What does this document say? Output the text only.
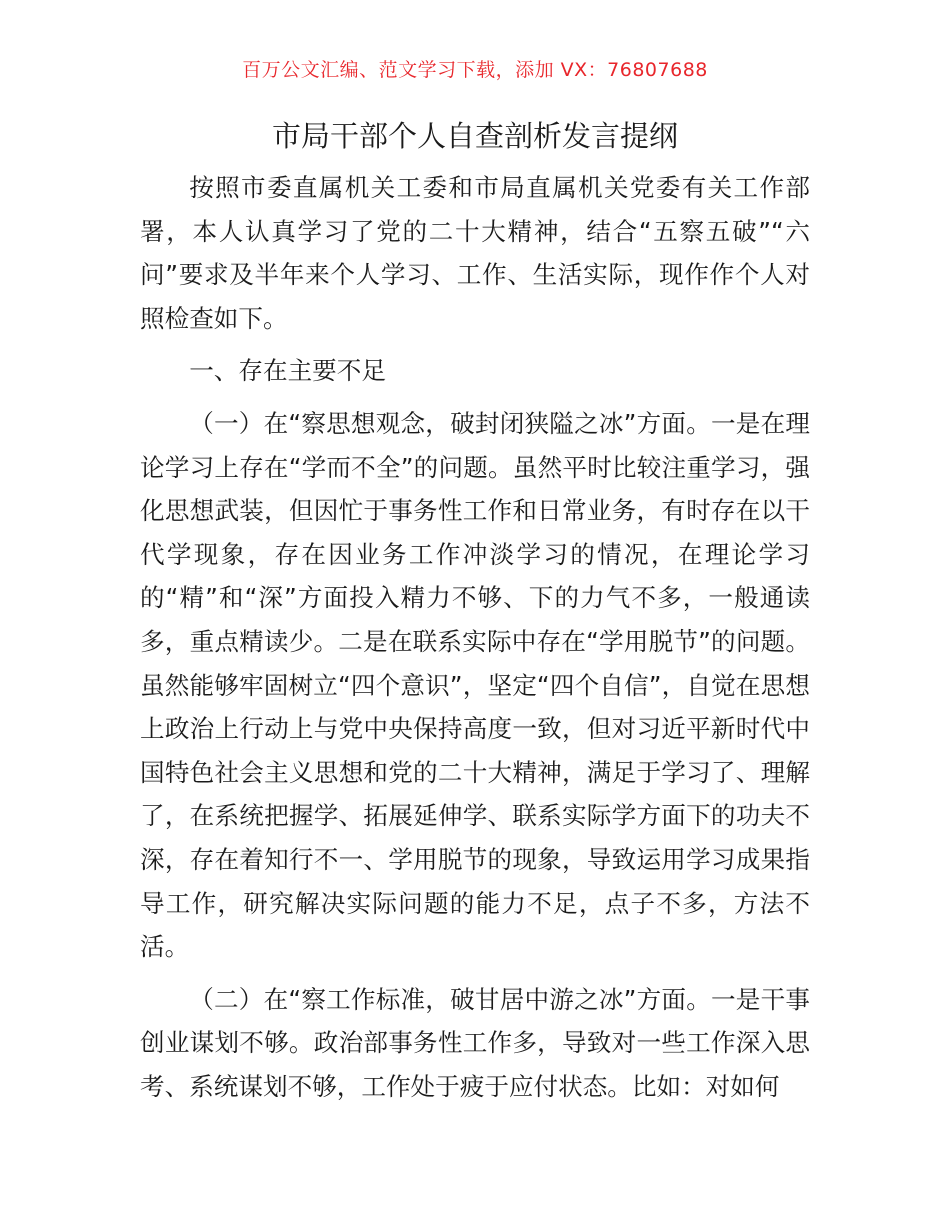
百万公文汇编、范文学习下载，添加 VX：76807688
市局干部个人自查剖析发言提纲

按照市委直属机关工委和市局直属机关党委有关工作部署，本人认真学习了党的二十大精神，结合“五察五破”“六问”要求及半年来个人学习、工作、生活实际，现作作个人对照检查如下。

一、存在主要不足

（一）在“察思想观念，破封闭狭隘之冰”方面。一是在理论学习上存在“学而不全”的问题。虽然平时比较注重学习，强化思想武装，但因忙于事务性工作和日常业务，有时存在以干代学现象，存在因业务工作冲淡学习的情况，在理论学习的“精”和“深”方面投入精力不够、下的力气不多，一般通读多，重点精读少。二是在联系实际中存在“学用脱节”的问题。虽然能够牢固树立“四个意识”，坚定“四个自信”，自觉在思想上政治上行动上与党中央保持高度一致，但对习近平新时代中国特色社会主义思想和党的二十大精神，满足于学习了、理解了，在系统把握学、拓展延伸学、联系实际学方面下的功夫不深，存在着知行不一、学用脱节的现象，导致运用学习成果指导工作，研究解决实际问题的能力不足，点子不多，方法不活。

（二）在“察工作标准，破甘居中游之冰”方面。一是干事创业谋划不够。政治部事务性工作多，导致对一些工作深入思考、系统谋划不够，工作处于疲于应付状态。比如：对如何
